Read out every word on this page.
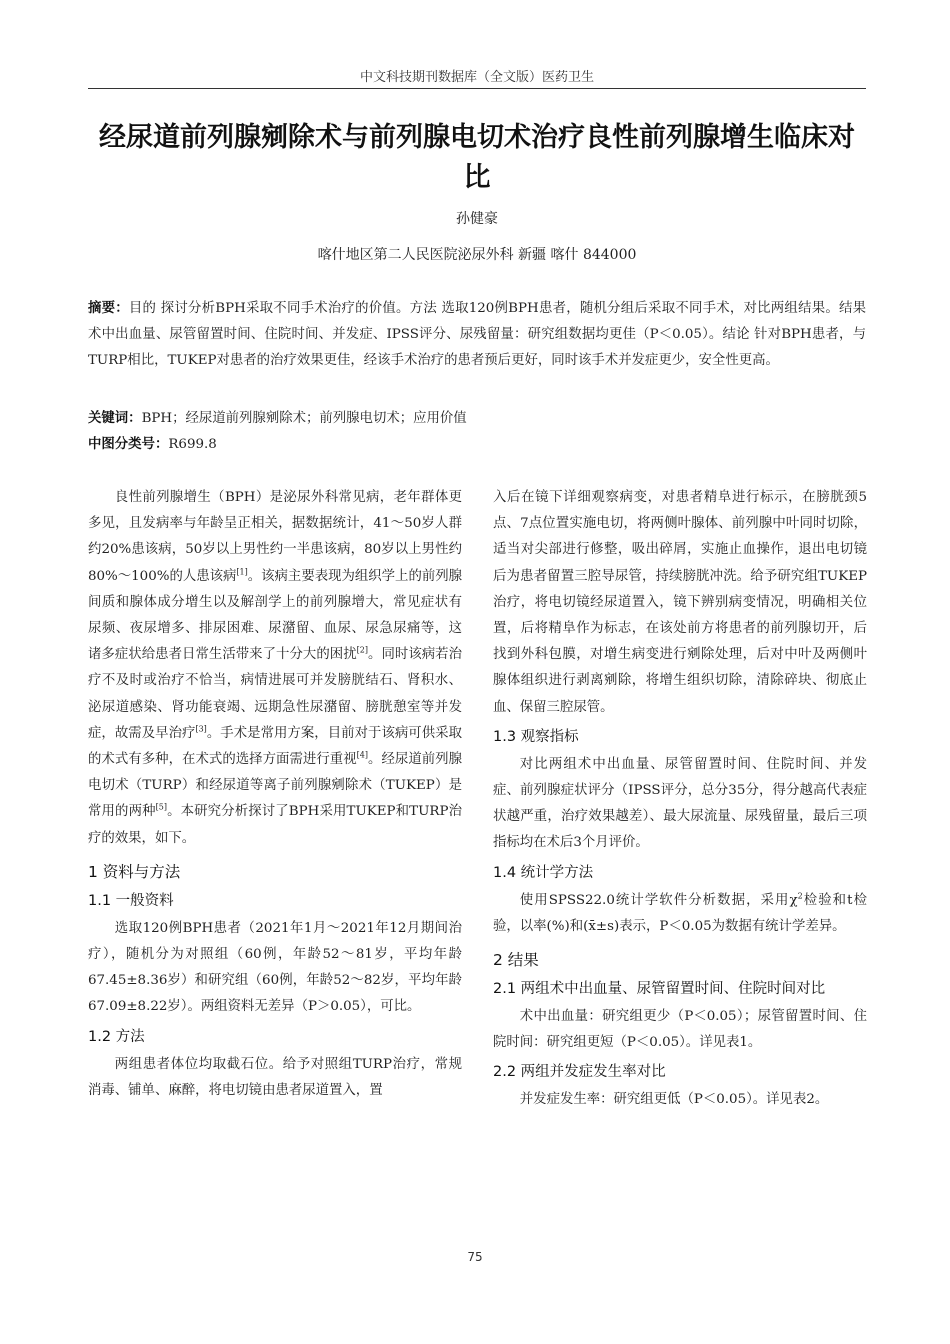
中文科技期刊数据库（全文版）医药卫生
经尿道前列腺剜除术与前列腺电切术治疗良性前列腺增生临床对比
孙健豪
喀什地区第二人民医院泌尿外科 新疆 喀什 844000
摘要：目的 探讨分析BPH采取不同手术治疗的价值。方法 选取120例BPH患者，随机分组后采取不同手术，对比两组结果。结果 术中出血量、尿管留置时间、住院时间、并发症、IPSS评分、尿残留量：研究组数据均更佳（P＜0.05）。结论 针对BPH患者，与TURP相比，TUKEP对患者的治疗效果更佳，经该手术治疗的患者预后更好，同时该手术并发症更少，安全性更高。
关键词：BPH；经尿道前列腺剜除术；前列腺电切术；应用价值
中图分类号：R699.8

良性前列腺增生（BPH）是泌尿外科常见病，老年群体更多见，且发病率与年龄呈正相关，据数据统计，41～50岁人群约20%患该病，50岁以上男性约一半患该病，80岁以上男性约80%～100%的人患该病[1]。该病主要表现为组织学上的前列腺间质和腺体成分增生以及解剖学上的前列腺增大，常见症状有尿频、夜尿增多、排尿困难、尿潴留、血尿、尿急尿痛等，这诸多症状给患者日常生活带来了十分大的困扰[2]。同时该病若治疗不及时或治疗不恰当，病情进展可并发膀胱结石、肾积水、泌尿道感染、肾功能衰竭、远期急性尿潴留、膀胱憩室等并发症，故需及早治疗[3]。手术是常用方案，目前对于该病可供采取的术式有多种，在术式的选择方面需进行重视[4]。经尿道前列腺电切术（TURP）和经尿道等离子前列腺剜除术（TUKEP）是常用的两种[5]。本研究分析探讨了BPH采用TUKEP和TURP治疗的效果，如下。

1 资料与方法
1.1 一般资料

选取120例BPH患者（2021年1月～2021年12月期间治疗），随机分为对照组（60例，年龄52～81岁，平均年龄67.45±8.36岁）和研究组（60例，年龄52～82岁，平均年龄67.09±8.22岁）。两组资料无差异（P＞0.05），可比。

1.2 方法

两组患者体位均取截石位。给予对照组TURP治疗，常规消毒、铺单、麻醉，将电切镜由患者尿道置入，置

入后在镜下详细观察病变，对患者精阜进行标示，在膀胱颈5点、7点位置实施电切，将两侧叶腺体、前列腺中叶同时切除，适当对尖部进行修整，吸出碎屑，实施止血操作，退出电切镜后为患者留置三腔导尿管，持续膀胱冲洗。给予研究组TUKEP治疗，将电切镜经尿道置入，镜下辨别病变情况，明确相关位置，后将精阜作为标志，在该处前方将患者的前列腺切开，后找到外科包膜，对增生病变进行剜除处理，后对中叶及两侧叶腺体组织进行剥离剜除，将增生组织切除，清除碎块、彻底止血、保留三腔尿管。

1.3 观察指标

对比两组术中出血量、尿管留置时间、住院时间、并发症、前列腺症状评分（IPSS评分，总分35分，得分越高代表症状越严重，治疗效果越差）、最大尿流量、尿残留量，最后三项指标均在术后3个月评价。

1.4 统计学方法

使用SPSS22.0统计学软件分析数据，采用$\chi^2$检验和t检验，以率(%)和(x̄±s)表示，P＜0.05为数据有统计学差异。

2 结果
2.1 两组术中出血量、尿管留置时间、住院时间对比

术中出血量：研究组更少（P＜0.05）；尿管留置时间、住院时间：研究组更短（P＜0.05）。详见表1。

2.2 两组并发症发生率对比

并发症发生率：研究组更低（P＜0.05）。详见表2。

75
